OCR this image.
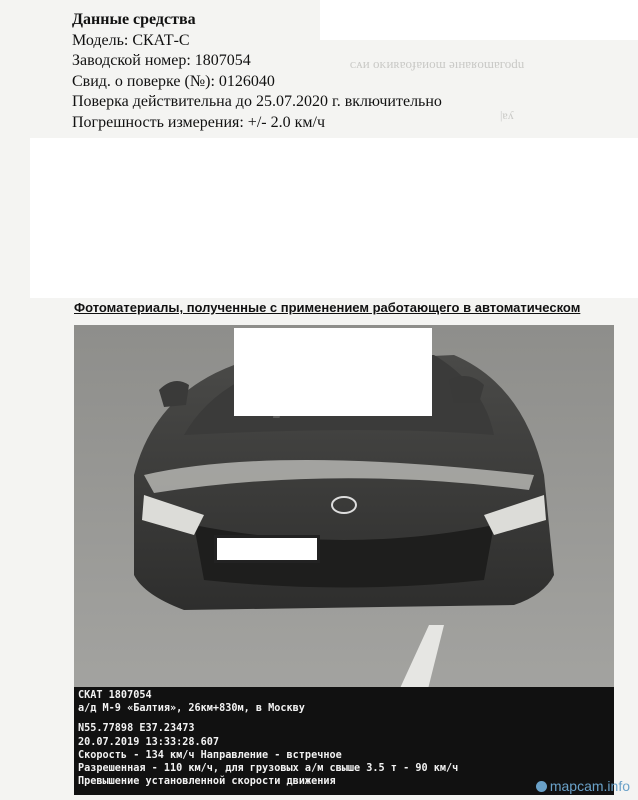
ᴄᴀᴎ ᴏᴋᴎʀɐᴏɟɐᴎᴏɯ ǝıнɐʁоɯɐгоdu
|ɐʎ
Данные средства
Модель: СКАТ-С
Заводской номер: 1807054
Свид. о поверке (№): 0126040
Поверка действительна до 25.07.2020 г. включительно
Погрешность измерения: +/- 2.0 км/ч
Фотоматериалы, полученные с применением работающего в автоматическом
СКАТ 1807054
а/д М-9 «Балтия», 26км+830м, в Москву
N55.77898 E37.23473
20.07.2019 13:33:28.607
Скорость - 134 км/ч Направление - встречное
Разрешенная - 110 км/ч, для грузовых а/м свыше 3.5 т - 90 км/ч
Превышение установленной скорости движения	mapcam.info
